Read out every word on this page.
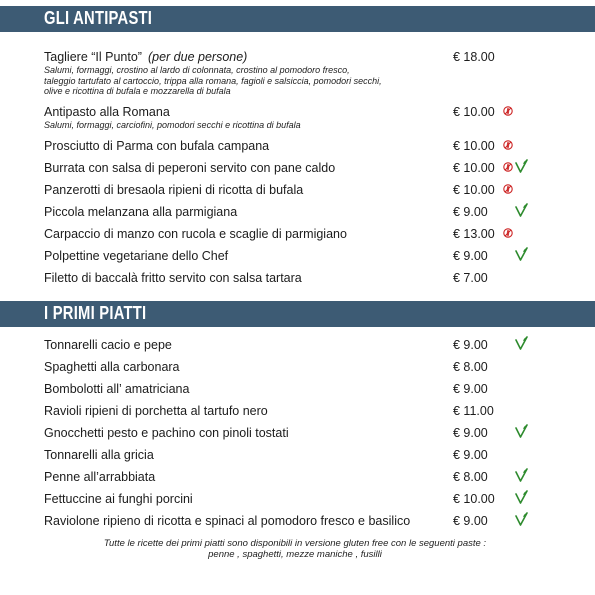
GLI ANTIPASTI
I PRIMI PIATTI
Tagliere “Il Punto” (per due persone)
Salumi, formaggi, crostino al lardo di colonnata, crostino al pomodoro fresco,
taleggio tartufato al cartoccio, trippa alla romana, fagioli e salsiccia, pomodori secchi,
olive e ricottina di bufala e mozzarella di bufala
€ 18.00
Antipasto alla Romana
Salumi, formaggi, carciofini, pomodori secchi e ricottina di bufala
€ 10.00
Prosciutto di Parma con bufala campana	€ 10.00
Burrata con salsa di peperoni servito con pane caldo	€ 10.00
Panzerotti di bresaola ripieni di ricotta di bufala	€ 10.00
Piccola melanzana alla parmigiana	€ 9.00
Carpaccio di manzo con rucola e scaglie di parmigiano	€ 13.00
Polpettine vegetariane dello Chef	€ 9.00
Filetto di baccalà fritto servito con salsa tartara	€ 7.00
Tonnarelli cacio e pepe	€ 9.00
Spaghetti alla carbonara	€ 8.00
Bombolotti all’ amatriciana	€ 9.00
Ravioli ripieni di porchetta al tartufo nero	€ 11.00
Gnocchetti pesto e pachino con pinoli tostati	€ 9.00
Tonnarelli alla gricia	€ 9.00
Penne all’arrabbiata	€ 8.00
Fettuccine ai funghi porcini	€ 10.00
Raviolone ripieno di ricotta e spinaci al pomodoro fresco e basilico	€ 9.00
Tutte le ricette dei primi piatti sono disponibili in versione gluten free con le seguenti paste :
penne , spaghetti, mezze maniche , fusilli
